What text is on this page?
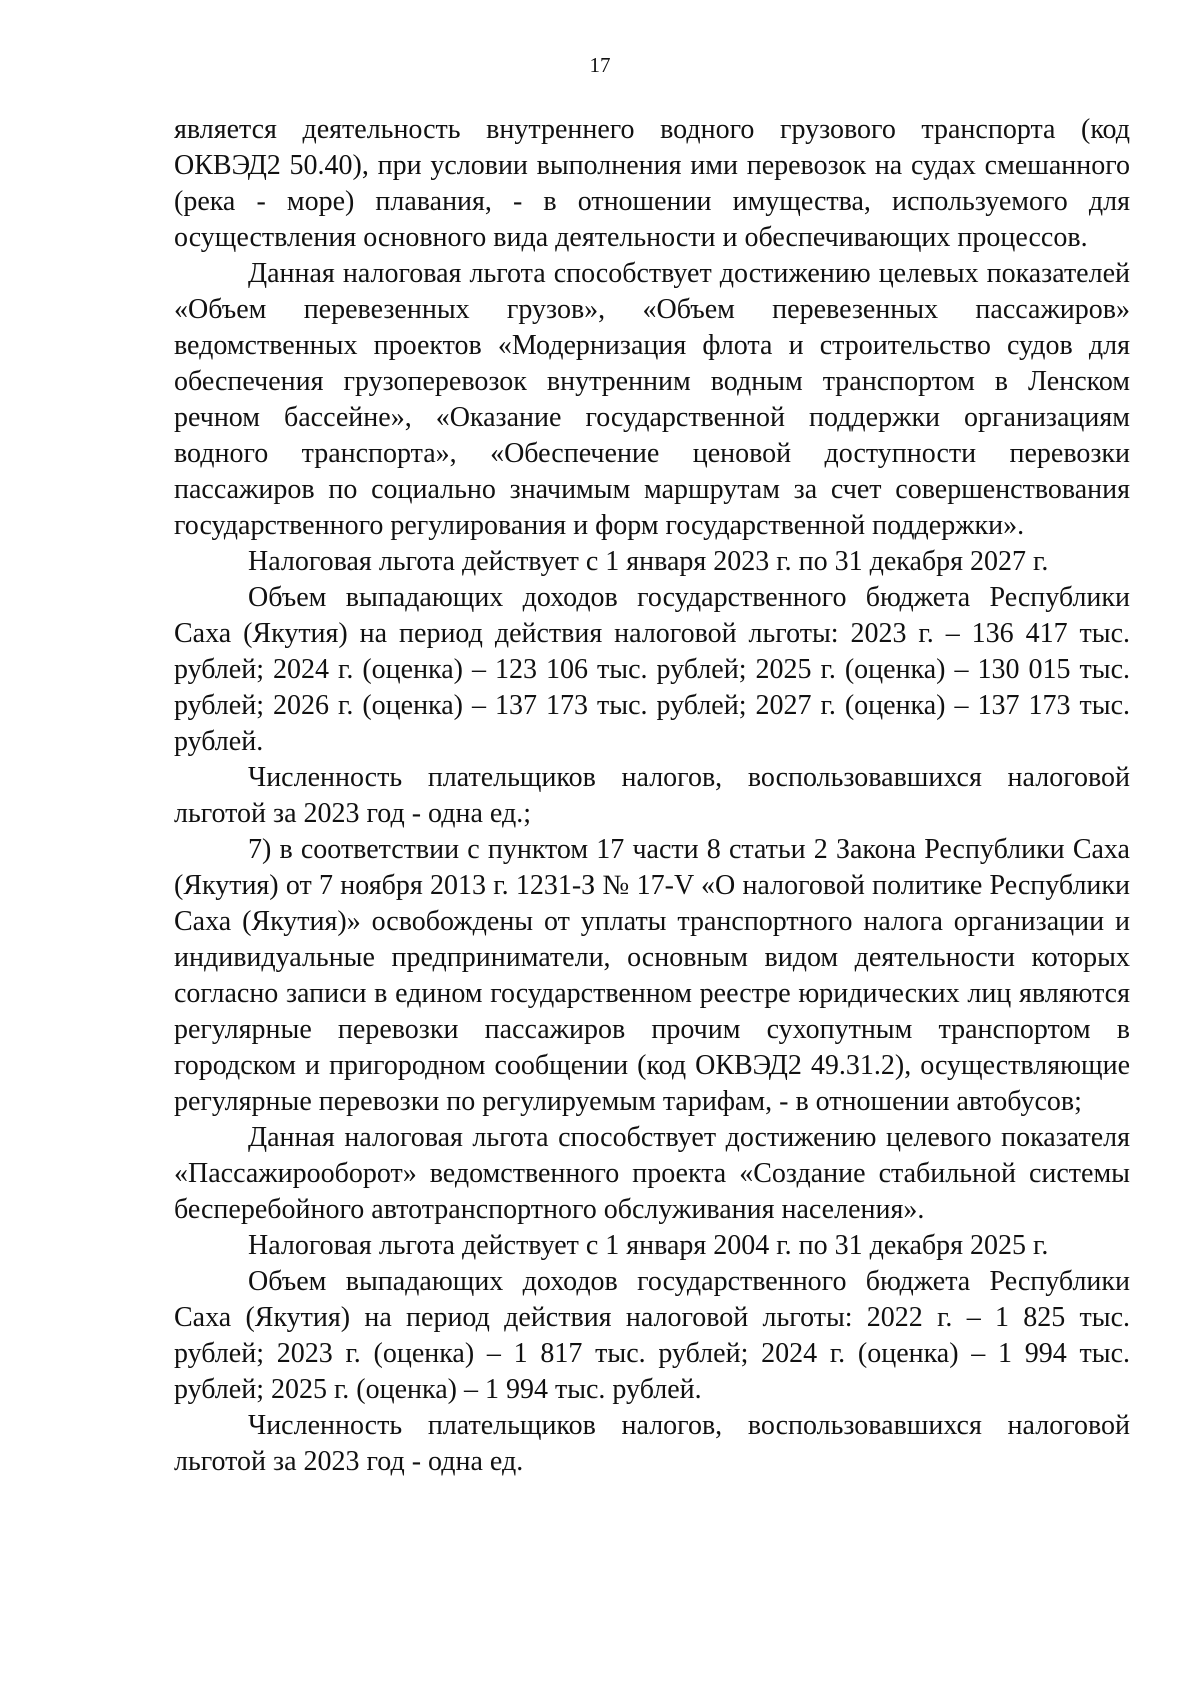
17

является деятельность внутреннего водного грузового транспорта (код ОКВЭД2 50.40), при условии выполнения ими перевозок на судах смешанного (река - море) плавания, - в отношении имущества, используемого для осуществления основного вида деятельности и обеспечивающих процессов.

Данная налоговая льгота способствует достижению целевых показателей «Объем перевезенных грузов», «Объем перевезенных пассажиров» ведомственных проектов «Модернизация флота и строительство судов для обеспечения грузоперевозок внутренним водным транспортом в Ленском речном бассейне», «Оказание государственной поддержки организациям водного транспорта», «Обеспечение ценовой доступности перевозки пассажиров по социально значимым маршрутам за счет совершенствования государственного регулирования и форм государственной поддержки».

Налоговая льгота действует с 1 января 2023 г. по 31 декабря 2027 г.

Объем выпадающих доходов государственного бюджета Республики Саха (Якутия) на период действия налоговой льготы: 2023 г. – 136 417 тыс. рублей; 2024 г. (оценка) – 123 106 тыс. рублей; 2025 г. (оценка) – 130 015 тыс. рублей; 2026 г. (оценка) – 137 173 тыс. рублей; 2027 г. (оценка) – 137 173 тыс. рублей.

Численность плательщиков налогов, воспользовавшихся налоговой льготой за 2023 год - одна ед.;

7) в соответствии с пунктом 17 части 8 статьи 2 Закона Республики Саха (Якутия) от 7 ноября 2013 г. 1231-З № 17-V «О налоговой политике Республики Саха (Якутия)» освобождены от уплаты транспортного налога организации и индивидуальные предприниматели, основным видом деятельности которых согласно записи в едином государственном реестре юридических лиц являются регулярные перевозки пассажиров прочим сухопутным транспортом в городском и пригородном сообщении (код ОКВЭД2 49.31.2), осуществляющие регулярные перевозки по регулируемым тарифам, - в отношении автобусов;

Данная налоговая льгота способствует достижению целевого показателя «Пассажирооборот» ведомственного проекта «Создание стабильной системы бесперебойного автотранспортного обслуживания населения».

Налоговая льгота действует с 1 января 2004 г. по 31 декабря 2025 г.

Объем выпадающих доходов государственного бюджета Республики Саха (Якутия) на период действия налоговой льготы: 2022 г. – 1 825 тыс. рублей; 2023 г. (оценка) – 1 817 тыс. рублей; 2024 г. (оценка) – 1 994 тыс. рублей; 2025 г. (оценка) – 1 994 тыс. рублей.

Численность плательщиков налогов, воспользовавшихся налоговой льготой за 2023 год - одна ед.
